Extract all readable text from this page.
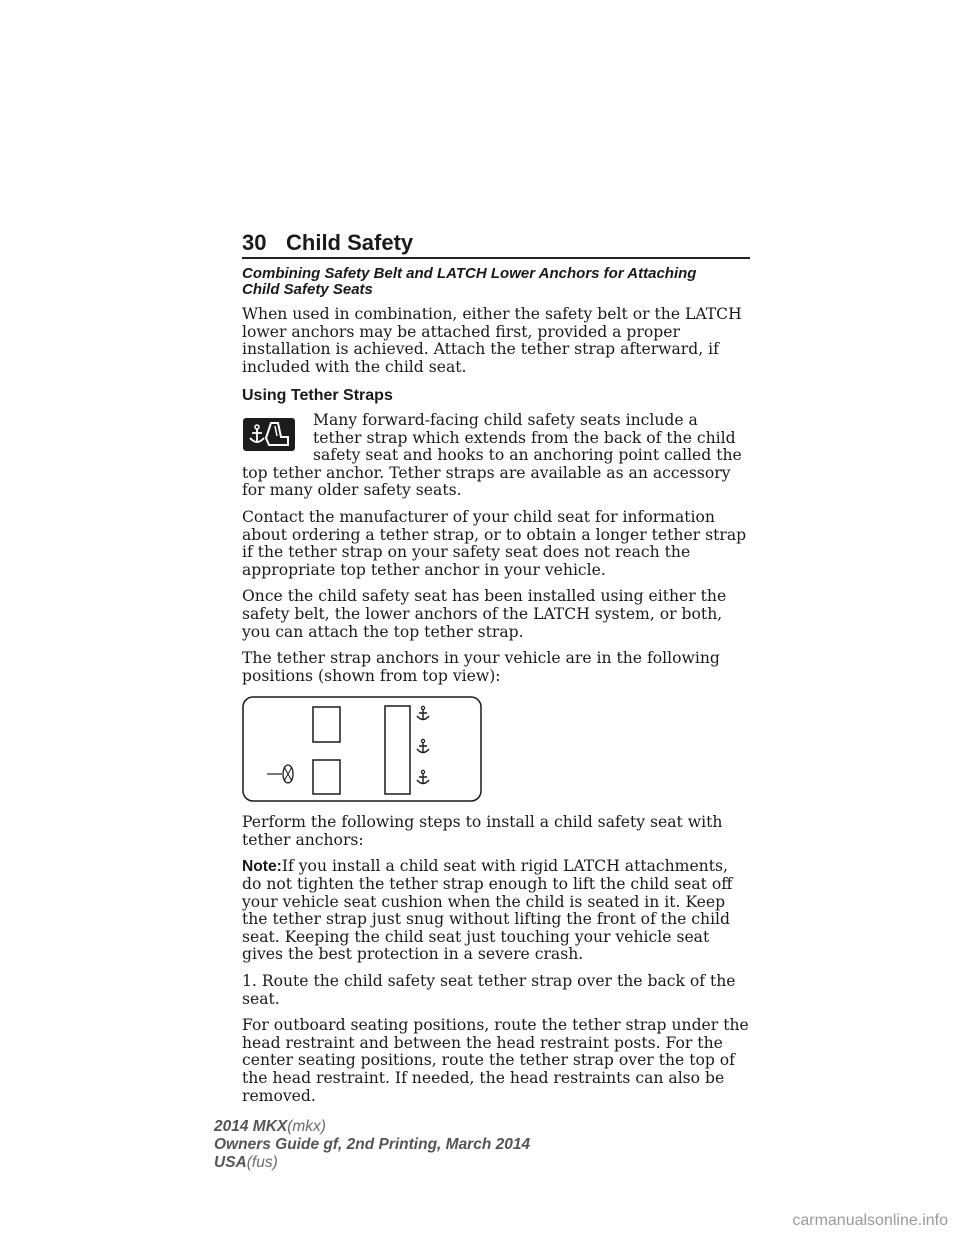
30 Child Safety
Combining Safety Belt and LATCH Lower Anchors for Attaching
Child Safety Seats

When used in combination, either the safety belt or the LATCH lower anchors may be attached first, provided a proper installation is achieved. Attach the tether strap afterward, if included with the child seat.

Using Tether Straps

Many forward-facing child safety seats include a tether strap which extends from the back of the child safety seat and hooks to an anchoring point called the top tether anchor. Tether straps are available as an accessory for many older safety seats.

Contact the manufacturer of your child seat for information about ordering a tether strap, or to obtain a longer tether strap if the tether strap on your safety seat does not reach the appropriate top tether anchor in your vehicle.

Once the child safety seat has been installed using either the safety belt, the lower anchors of the LATCH system, or both, you can attach the top tether strap.

The tether strap anchors in your vehicle are in the following positions (shown from top view):

Perform the following steps to install a child safety seat with tether anchors:

Note:If you install a child seat with rigid LATCH attachments, do not tighten the tether strap enough to lift the child seat off your vehicle seat cushion when the child is seated in it. Keep the tether strap just snug without lifting the front of the child seat. Keeping the child seat just touching your vehicle seat gives the best protection in a severe crash.

1. Route the child safety seat tether strap over the back of the seat.

For outboard seating positions, route the tether strap under the head restraint and between the head restraint posts. For the center seating positions, route the tether strap over the top of the head restraint. If needed, the head restraints can also be removed.

2014 MKX(mkx)
Owners Guide gf, 2nd Printing, March 2014
USA(fus)
carmanualsonline.info
